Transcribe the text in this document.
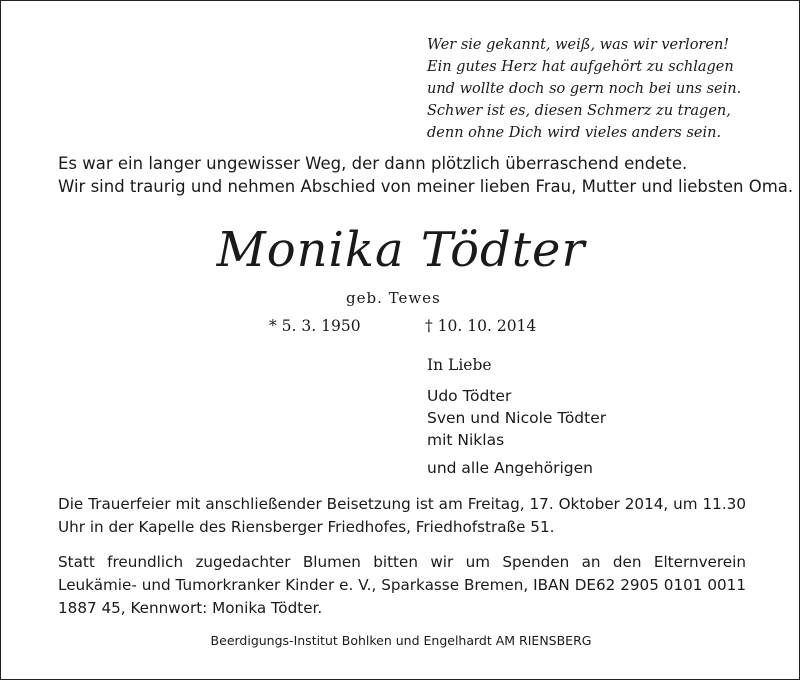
Wer sie gekannt, weiß, was wir verloren!
Ein gutes Herz hat aufgehört zu schlagen
und wollte doch so gern noch bei uns sein.
Schwer ist es, diesen Schmerz zu tragen,
denn ohne Dich wird vieles anders sein.
Es war ein langer ungewisser Weg, der dann plötzlich überraschend endete.
Wir sind traurig und nehmen Abschied von meiner lieben Frau, Mutter und liebsten Oma.
Monika Tödter
geb. Tewes
* 5. 3. 1950	† 10. 10. 2014
In Liebe
Udo Tödter
Sven und Nicole Tödter
mit Niklas
und alle Angehörigen
Die Trauerfeier mit anschließender Beisetzung ist am Freitag, 17. Oktober 2014, um 11.30 Uhr in der Kapelle des Riensberger Friedhofes, Friedhofstraße 51.
Statt freundlich zugedachter Blumen bitten wir um Spenden an den Elternverein Leukämie- und Tumorkranker Kinder e. V., Sparkasse Bremen, IBAN DE62 2905 0101 0011 1887 45, Kennwort: Monika Tödter.
Beerdigungs-Institut Bohlken und Engelhardt AM RIENSBERG
